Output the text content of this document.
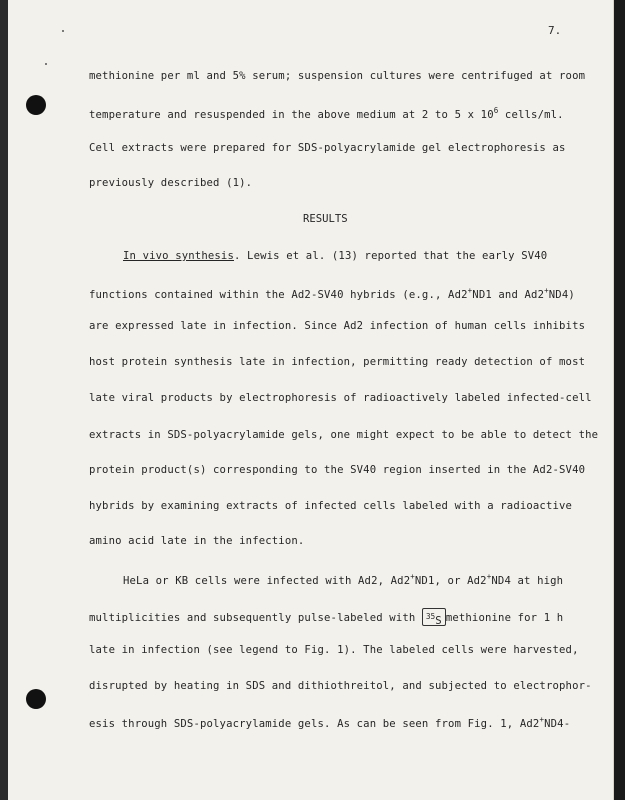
7.
methionine per ml and 5% serum; suspension cultures were centrifuged at room
temperature and resuspended in the above medium at 2 to 5 x $10^6$ cells/ml.
Cell extracts were prepared for SDS-polyacrylamide gel electrophoresis as
previously described (1).
RESULTS
In vivo synthesis. Lewis et al. (13) reported that the early SV40
functions contained within the Ad2-SV40 hybrids (e.g., Ad2+ND1 and Ad2+ND4)
are expressed late in infection. Since Ad2 infection of human cells inhibits
host protein synthesis late in infection, permitting ready detection of most
late viral products by electrophoresis of radioactively labeled infected-cell
extracts in SDS-polyacrylamide gels, one might expect to be able to detect the
protein product(s) corresponding to the SV40 region inserted in the Ad2-SV40
hybrids by examining extracts of infected cells labeled with a radioactive
amino acid late in the infection.
HeLa or KB cells were infected with Ad2, Ad2+ND1, or Ad2+ND4 at high
multiplicities and subsequently pulse-labeled with $^{35}$S methionine for 1 h
late in infection (see legend to Fig. 1). The labeled cells were harvested,
disrupted by heating in SDS and dithiothreitol, and subjected to electrophor-
esis through SDS-polyacrylamide gels. As can be seen from Fig. 1, Ad2+ND4-
